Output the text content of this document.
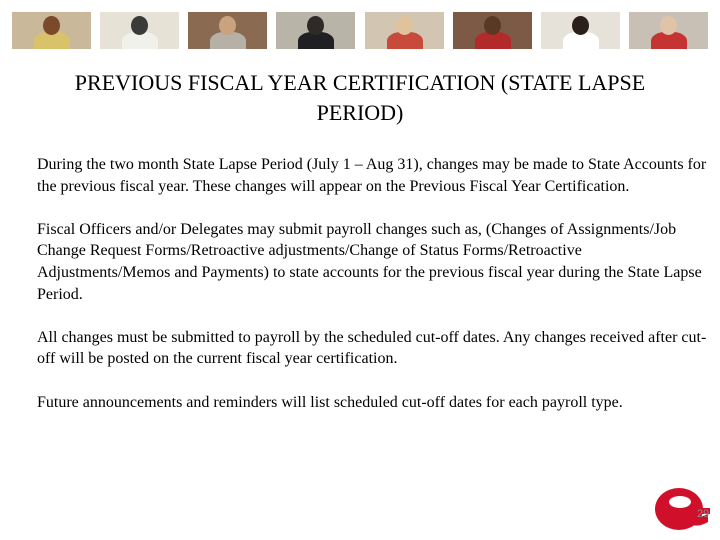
PREVIOUS FISCAL YEAR CERTIFICATION (STATE LAPSE PERIOD)

During the two month State Lapse Period (July 1 – Aug 31), changes may be made to State Accounts for the previous fiscal year. These changes will appear on the Previous Fiscal Year Certification.

Fiscal Officers and/or Delegates may submit payroll changes such as, (Changes of Assignments/Job Change Request Forms/Retroactive adjustments/Change of Status Forms/Retroactive Adjustments/Memos and Payments) to state accounts for the previous fiscal year during the State Lapse Period.

All changes must be submitted to payroll by the scheduled cut-off dates. Any changes received after cut-off will be posted on the current fiscal year certification.

Future announcements and reminders will list scheduled cut-off dates for each payroll type.

29
